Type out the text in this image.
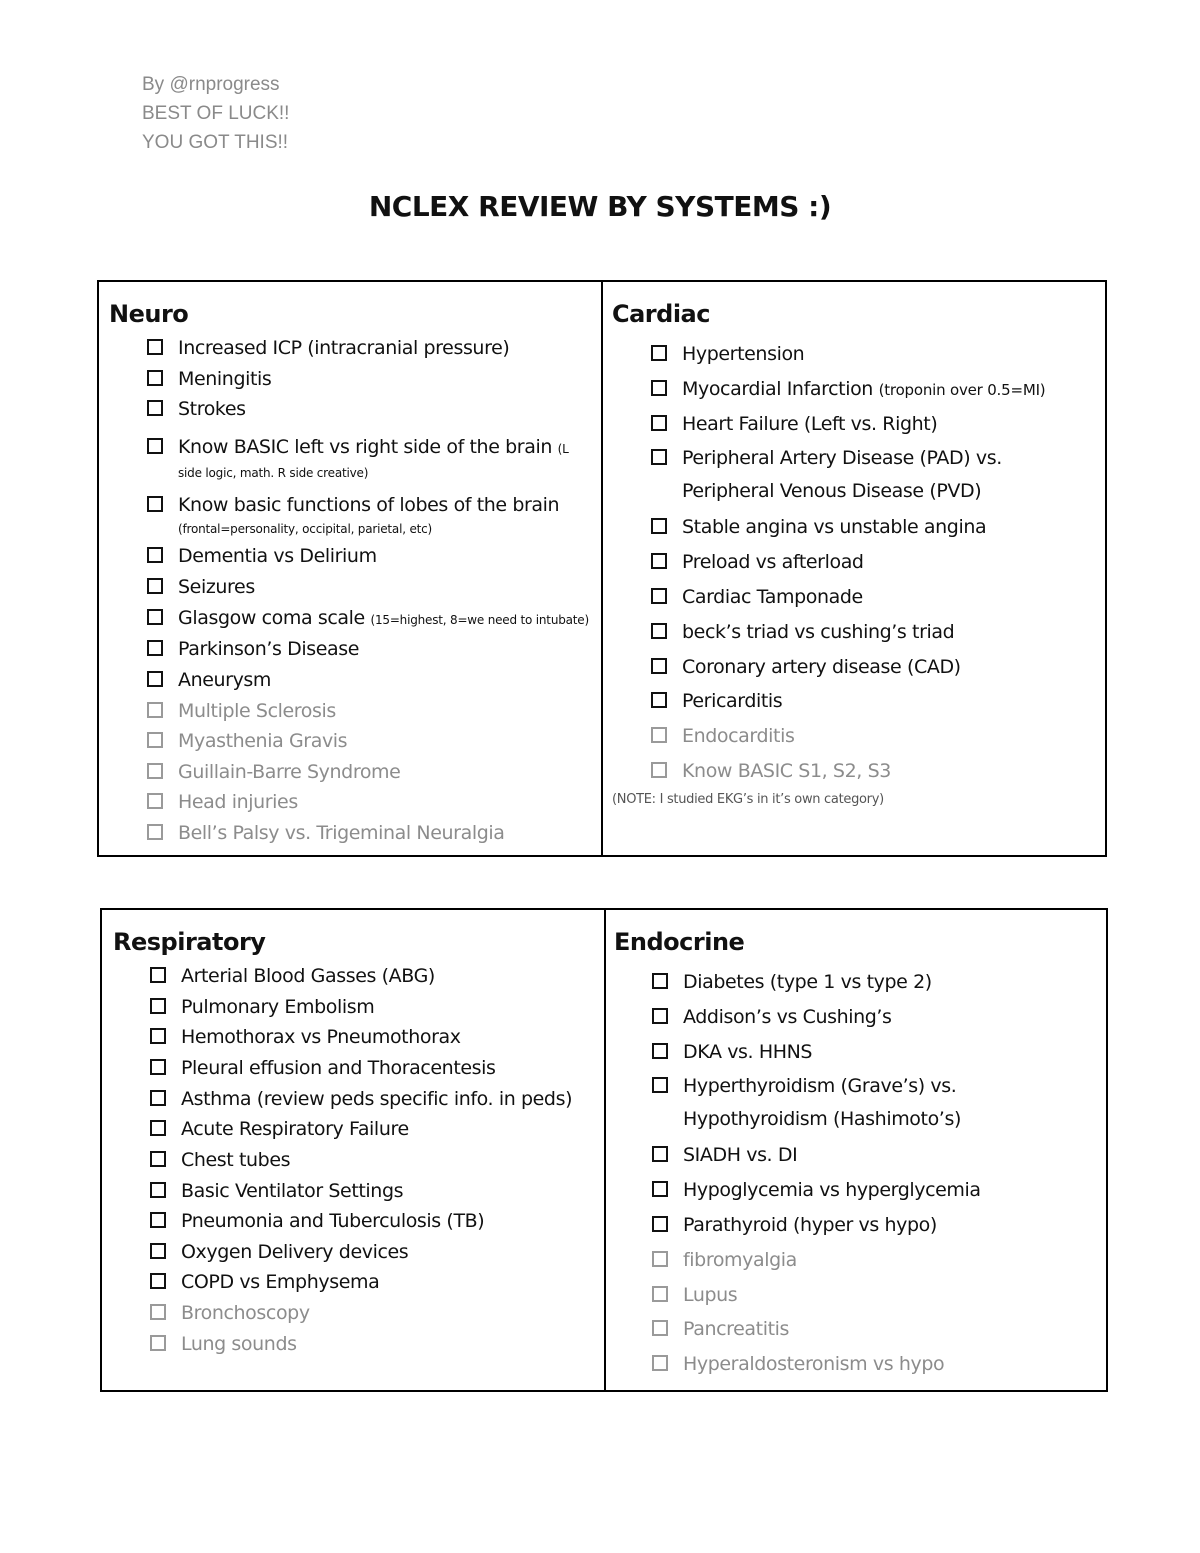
By @rnprogress
BEST OF LUCK!!
YOU GOT THIS!!
NCLEX REVIEW BY SYSTEMS :)
Neuro
Increased ICP (intracranial pressure)
Meningitis
Strokes
Know BASIC left vs right side of the brain (L
side logic, math. R side creative)
Know basic functions of lobes of the brain
(frontal=personality, occipital, parietal, etc)
Dementia vs Delirium
Seizures
Glasgow coma scale (15=highest, 8=we need to intubate)
Parkinson’s Disease
Aneurysm
Multiple Sclerosis
Myasthenia Gravis
Guillain-Barre Syndrome
Head injuries
Bell’s Palsy vs. Trigeminal Neuralgia
Cardiac
Hypertension
Myocardial Infarction (troponin over 0.5=MI)
Heart Failure (Left vs. Right)
Peripheral Artery Disease (PAD) vs.
Peripheral Venous Disease (PVD)
Stable angina vs unstable angina
Preload vs afterload
Cardiac Tamponade
beck’s triad vs cushing’s triad
Coronary artery disease (CAD)
Pericarditis
Endocarditis
Know BASIC S1, S2, S3
(NOTE: I studied EKG’s in it’s own category)
Respiratory
Arterial Blood Gasses (ABG)
Pulmonary Embolism
Hemothorax vs Pneumothorax
Pleural effusion and Thoracentesis
Asthma (review peds specific info. in peds)
Acute Respiratory Failure
Chest tubes
Basic Ventilator Settings
Pneumonia and Tuberculosis (TB)
Oxygen Delivery devices
COPD vs Emphysema
Bronchoscopy
Lung sounds
Endocrine
Diabetes (type 1 vs type 2)
Addison’s vs Cushing’s
DKA vs. HHNS
Hyperthyroidism (Grave’s) vs.
Hypothyroidism (Hashimoto’s)
SIADH vs. DI
Hypoglycemia vs hyperglycemia
Parathyroid (hyper vs hypo)
fibromyalgia
Lupus
Pancreatitis
Hyperaldosteronism vs hypo
